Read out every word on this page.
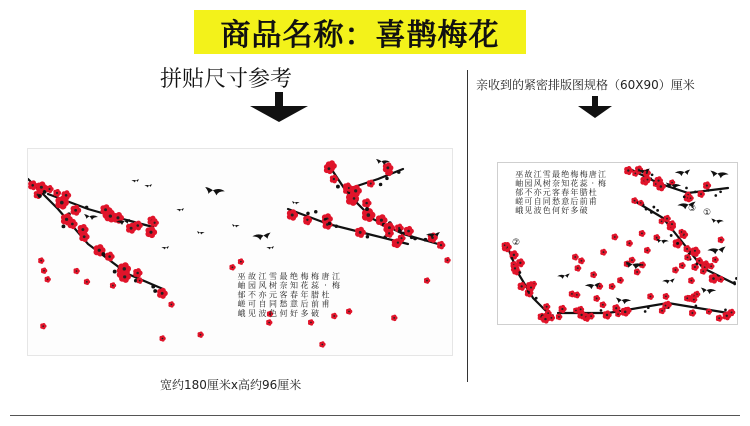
商品名称：喜鹊梅花
拼贴尺寸参考	亲收到的紧密排版图规格（60X90）厘米
江
梅
唐
·
杜
甫
梅
蕊
腊
前
破
梅
花
年
后
多
绝
知
春
意
好
最
奈
客
愁
何
雪
树
元
同
色
江
风
亦
自
波
故
园
不
可
见
巫
岫
郁
嵯
峨
宽约180厘米x高约96厘米
江
梅
唐
·
杜
甫
梅
蕊
腊
前
破
梅
花
年
后
多
绝
知
春
意
好
最
奈
客
愁
何
雪
树
元
同
色
江
风
亦
自
波
故
园
不
可
见
巫
岫
郁
嵯
峨	①
②
③
